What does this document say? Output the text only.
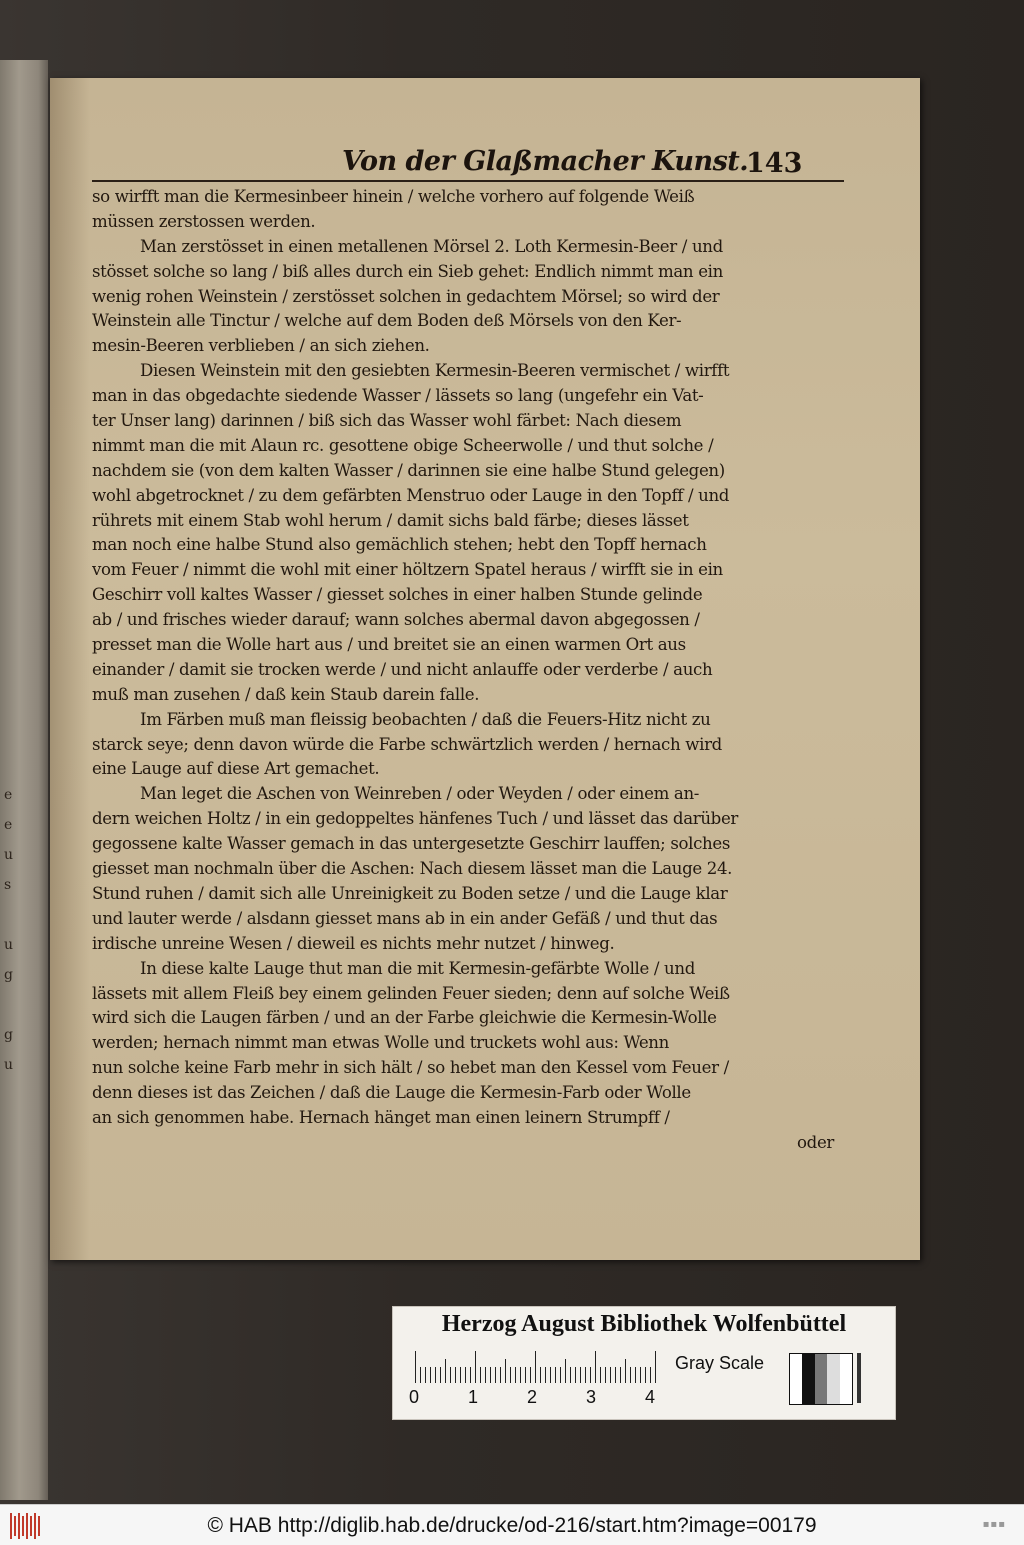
e
e
u
s

u
g

g
u
Von der Glaßmacher Kunst.
143
so wirfft man die Kermesinbeer hinein / welche vorhero auf folgende Weiß
müssen zerstossen werden.
Man zerstösset in einen metallenen Mörsel 2. Loth Kermesin-Beer / und
stösset solche so lang / biß alles durch ein Sieb gehet: Endlich nimmt man ein
wenig rohen Weinstein / zerstösset solchen in gedachtem Mörsel; so wird der
Weinstein alle Tinctur / welche auf dem Boden deß Mörsels von den Ker-
mesin-Beeren verblieben / an sich ziehen.
Diesen Weinstein mit den gesiebten Kermesin-Beeren vermischet / wirfft
man in das obgedachte siedende Wasser / lässets so lang (ungefehr ein Vat-
ter Unser lang) darinnen / biß sich das Wasser wohl färbet: Nach diesem
nimmt man die mit Alaun rc. gesottene obige Scheerwolle / und thut solche /
nachdem sie (von dem kalten Wasser / darinnen sie eine halbe Stund gelegen)
wohl abgetrocknet / zu dem gefärbten Menstruo oder Lauge in den Topff / und
rührets mit einem Stab wohl herum / damit sichs bald färbe; dieses lässet
man noch eine halbe Stund also gemächlich stehen; hebt den Topff hernach
vom Feuer / nimmt die wohl mit einer höltzern Spatel heraus / wirfft sie in ein
Geschirr voll kaltes Wasser / giesset solches in einer halben Stunde gelinde
ab / und frisches wieder darauf; wann solches abermal davon abgegossen /
presset man die Wolle hart aus / und breitet sie an einen warmen Ort aus
einander / damit sie trocken werde / und nicht anlauffe oder verderbe / auch
muß man zusehen / daß kein Staub darein falle.
Im Färben muß man fleissig beobachten / daß die Feuers-Hitz nicht zu
starck seye; denn davon würde die Farbe schwärtzlich werden / hernach wird
eine Lauge auf diese Art gemachet.
Man leget die Aschen von Weinreben / oder Weyden / oder einem an-
dern weichen Holtz / in ein gedoppeltes hänfenes Tuch / und lässet das darüber
gegossene kalte Wasser gemach in das untergesetzte Geschirr lauffen; solches
giesset man nochmaln über die Aschen: Nach diesem lässet man die Lauge 24.
Stund ruhen / damit sich alle Unreinigkeit zu Boden setze / und die Lauge klar
und lauter werde / alsdann giesset mans ab in ein ander Gefäß / und thut das
irdische unreine Wesen / dieweil es nichts mehr nutzet / hinweg.
In diese kalte Lauge thut man die mit Kermesin-gefärbte Wolle / und
lässets mit allem Fleiß bey einem gelinden Feuer sieden; denn auf solche Weiß
wird sich die Laugen färben / und an der Farbe gleichwie die Kermesin-Wolle
werden; hernach nimmt man etwas Wolle und truckets wohl aus: Wenn
nun solche keine Farb mehr in sich hält / so hebet man den Kessel vom Feuer /
denn dieses ist das Zeichen / daß die Lauge die Kermesin-Farb oder Wolle
an sich genommen habe. Hernach hänget man einen leinern Strumpff /
oder
Herzog August Bibliothek Wolfenbüttel
0	1	2	3	4
Gray Scale
© HAB http://diglib.hab.de/drucke/od-216/start.htm?image=00179	▪▪▪
